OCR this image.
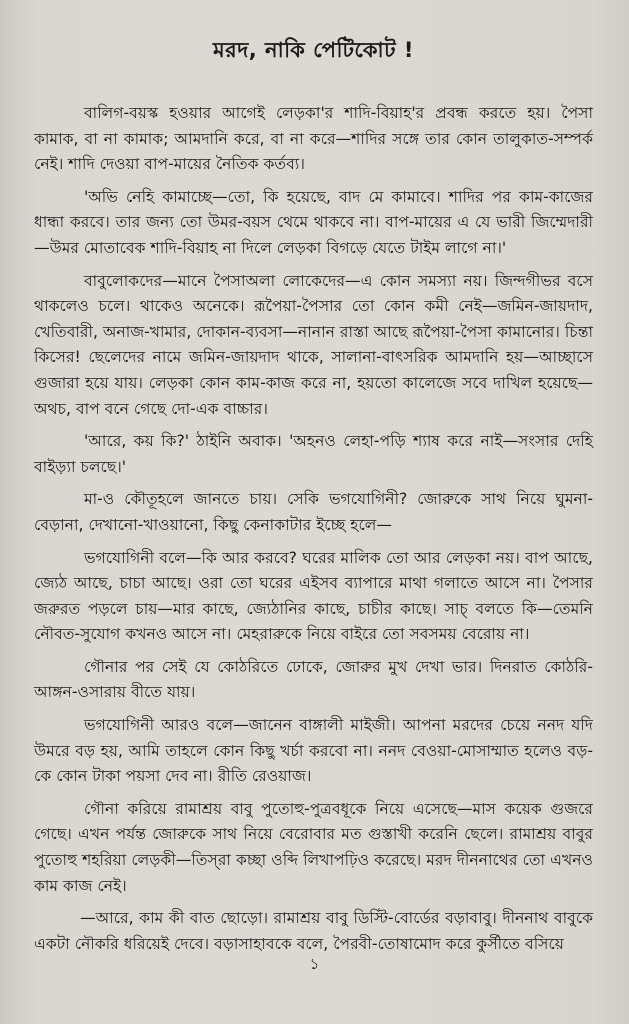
মরদ, নাকি পেটিকোট !

বালিগ-বয়স্ক হওয়ার আগেই লেড়কা'র শাদি-বিয়াহ'র প্রবন্ধ করতে হয়। পৈসা কামাক, বা না কামাক; আমদানি করে, বা না করে—শাদির সঙ্গে তার কোন তালুকাত-সম্পর্ক নেই। শাদি দেওয়া বাপ-মায়ের নৈতিক কর্তব্য।

'অভি নেহি কামাচ্ছে—তো, কি হয়েছে, বাদ মে কামাবে। শাদির পর কাম-কাজের ধান্ধা করবে। তার জন্য তো উমর-বয়স থেমে থাকবে না। বাপ-মায়ের এ যে ভারী জিম্মেদারী—উমর মোতাবেক শাদি-বিয়াহ না দিলে লেড়কা বিগড়ে যেতে টাইম লাগে না।'

বাবুলোকদের—মানে পৈসাঅলা লোকেদের—এ কোন সমস্যা নয়। জিন্দগীভর বসে থাকলেও চলে। থাকেও অনেকে। রূপৈয়া-পৈসার তো কোন কমী নেই—জমিন-জায়দাদ, খেতিবারী, অনাজ-খামার, দোকান-ব্যবসা—নানান রাস্তা আছে রূপৈয়া-পৈসা কামানোর। চিন্তা কিসের! ছেলেদের নামে জমিন-জায়দাদ থাকে, সালানা-বাৎসরিক আমদানি হয়—আচ্ছাসে গুজারা হয়ে যায়। লেড়কা কোন কাম-কাজ করে না, হয়তো কালেজে সবে দাখিল হয়েছে—অথচ, বাপ বনে গেছে দো-এক বাচ্চার।

'আরে, কয় কি?' ঠাইনি অবাক। 'অহনও লেহা-পড়ি শ্যাষ করে নাই—সংসার দেহি বাইড়্যা চলছে।'

মা-ও কৌতূহলে জানতে চায়। সেকি ভগযোগিনী? জোরুকে সাথ নিয়ে ঘুমনা-বেড়ানা, দেখানো-খাওয়ানো, কিছু কেনাকাটার ইচ্ছে হলে—

ভগযোগিনী বলে—কি আর করবে? ঘরের মালিক তো আর লেড়কা নয়। বাপ আছে, জ্যেঠ আছে, চাচা আছে। ওরা তো ঘরের এইসব ব্যাপারে মাথা গলাতে আসে না। পৈসার জরুরত পড়লে চায়—মার কাছে, জ্যেঠানির কাছে, চাচীর কাছে। সাচ্‌ বলতে কি—তেমনি নৌবত-সুযোগ কখনও আসে না। মেহরারুকে নিয়ে বাইরে তো সবসময় বেরোয় না।

গৌনার পর সেই যে কোঠরিতে ঢোকে, জোরুর মুখ দেখা ভার। দিনরাত কোঠরি-আঙ্গন-ওসারায় বীতে যায়।

ভগযোগিনী আরও বলে—জানেন বাঙ্গালী মাইজী। আপনা মরদের চেয়ে ননদ যদি উমরে বড় হয়, আমি তাহলে কোন কিছু খর্চা করবো না। ননদ বেওয়া-মোসাম্মাত হলেও বড়-কে কোন টাকা পয়সা দেব না। রীতি রেওয়াজ।

গৌনা করিয়ে রামাশ্রয় বাবু পুতোহু-পুত্রবধূকে নিয়ে এসেছে—মাস কয়েক গুজরে গেছে। এখন পর্যন্ত জোরুকে সাথ নিয়ে বেরোবার মত গুস্তাখী করেনি ছেলে। রামাশ্রয় বাবুর পুতোহু শহরিয়া লেড়কী—তিস্‌রা কচ্ছা ওব্দি লিখাপঢ়িও করেছে। মরদ দীননাথের তো এখনও কাম কাজ নেই।

—আরে, কাম কী বাত ছোড়ো। রামাশ্রয় বাবু ডিস্টি-বোর্ডের বড়াবাবু। দীননাথ বাবুকে একটা নৌকরি ধরিয়েই দেবে। বড়াসাহাবকে বলে, পৈরবী-তোষামোদ করে কুর্সীতে বসিয়ে

১
